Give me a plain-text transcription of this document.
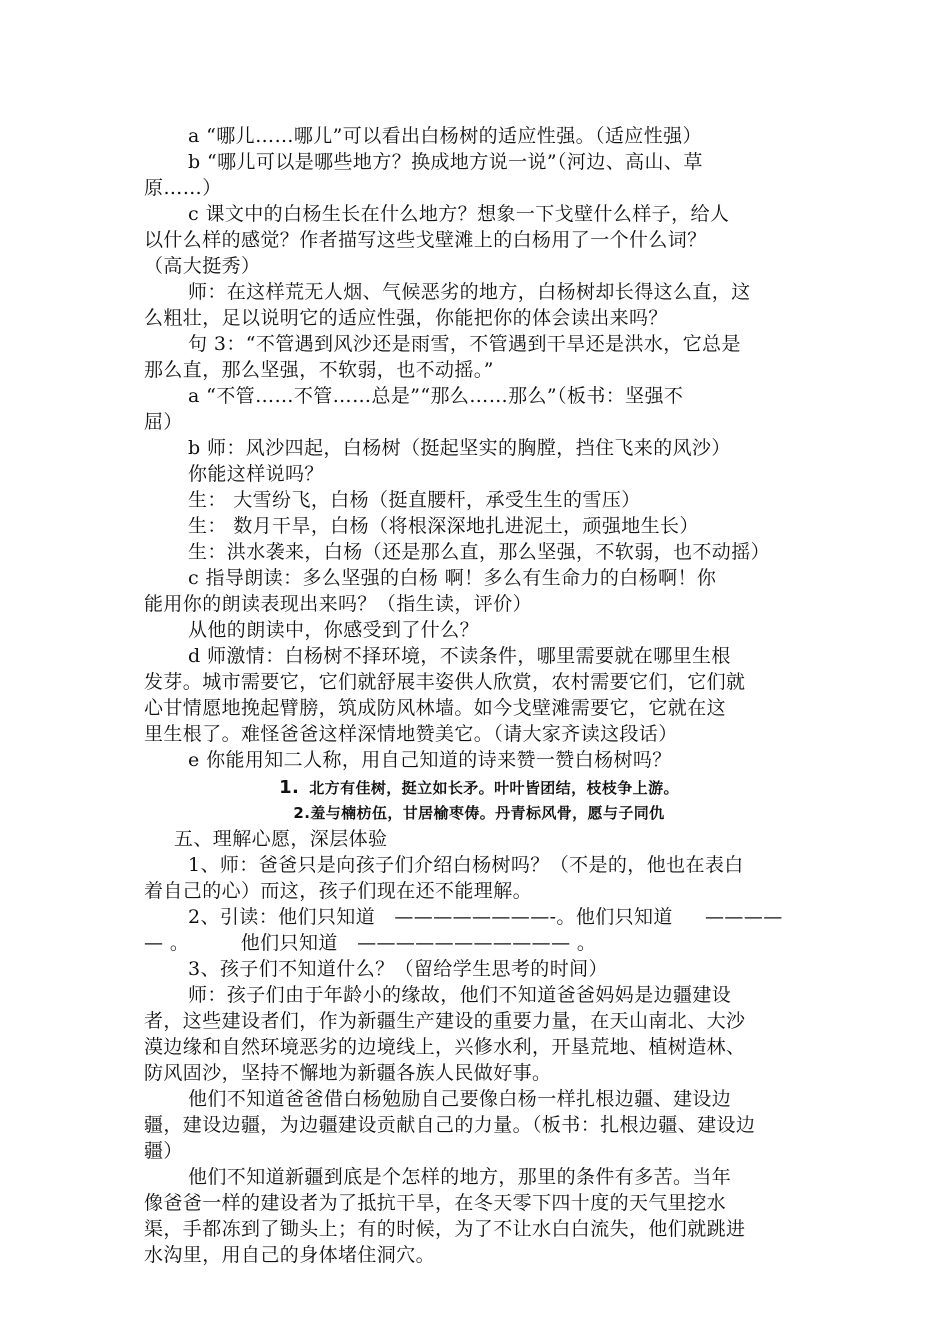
a “哪儿……哪儿”可以看出白杨树的适应性强。（适应性强）
b “哪儿可以是哪些地方？换成地方说一说”（河边、高山、草
原……）
c 课文中的白杨生长在什么地方？想象一下戈壁什么样子，给人
以什么样的感觉？作者描写这些戈壁滩上的白杨用了一个什么词？
（高大挺秀）
师：在这样荒无人烟、气候恶劣的地方，白杨树却长得这么直，这
么粗壮，足以说明它的适应性强，你能把你的体会读出来吗？
句 3：“不管遇到风沙还是雨雪，不管遇到干旱还是洪水，它总是
那么直，那么坚强，不软弱，也不动摇。”
a “不管……不管……总是”“那么……那么”（板书：坚强不
屈）
b 师：风沙四起，白杨树（挺起坚实的胸膛，挡住飞来的风沙）
你能这样说吗？
生： 大雪纷飞，白杨（挺直腰杆，承受生生的雪压）
生： 数月干旱，白杨（将根深深地扎进泥土，顽强地生长）
生：洪水袭来，白杨（还是那么直，那么坚强，不软弱，也不动摇）
c 指导朗读：多么坚强的白杨 啊！多么有生命力的白杨啊！你
能用你的朗读表现出来吗？（指生读，评价）
从他的朗读中，你感受到了什么？
d 师激情：白杨树不择环境，不读条件，哪里需要就在哪里生根
发芽。城市需要它，它们就舒展丰姿供人欣赏，农村需要它们，它们就
心甘情愿地挽起臂膀，筑成防风林墙。如今戈壁滩需要它，它就在这
里生根了。难怪爸爸这样深情地赞美它。（请大家齐读这段话）
e 你能用知二人称，用自己知道的诗来赞一赞白杨树吗？
1. 北方有佳树，挺立如长矛。叶叶皆团结，枝枝争上游。
2.羞与楠枋伍，甘居榆枣俦。丹青标风骨，愿与子同仇
五、理解心愿，深层体验
1、师：爸爸只是向孩子们介绍白杨树吗？（不是的，他也在表白
着自己的心）而这，孩子们现在还不能理解。
2、引读：他们只知道   ————————-。他们只知道     ————
— 。        他们只知道   ——————————— 。
3、孩子们不知道什么？（留给学生思考的时间）
师：孩子们由于年龄小的缘故，他们不知道爸爸妈妈是边疆建设
者，这些建设者们，作为新疆生产建设的重要力量，在天山南北、大沙
漠边缘和自然环境恶劣的边境线上，兴修水利，开垦荒地、植树造林、
防风固沙，坚持不懈地为新疆各族人民做好事。
他们不知道爸爸借白杨勉励自己要像白杨一样扎根边疆、建设边
疆，建设边疆，为边疆建设贡献自己的力量。（板书：扎根边疆、建设边
疆）
他们不知道新疆到底是个怎样的地方，那里的条件有多苦。当年
像爸爸一样的建设者为了抵抗干旱，在冬天零下四十度的天气里挖水
渠，手都冻到了锄头上；有的时候，为了不让水白白流失，他们就跳进
水沟里，用自己的身体堵住洞穴。
